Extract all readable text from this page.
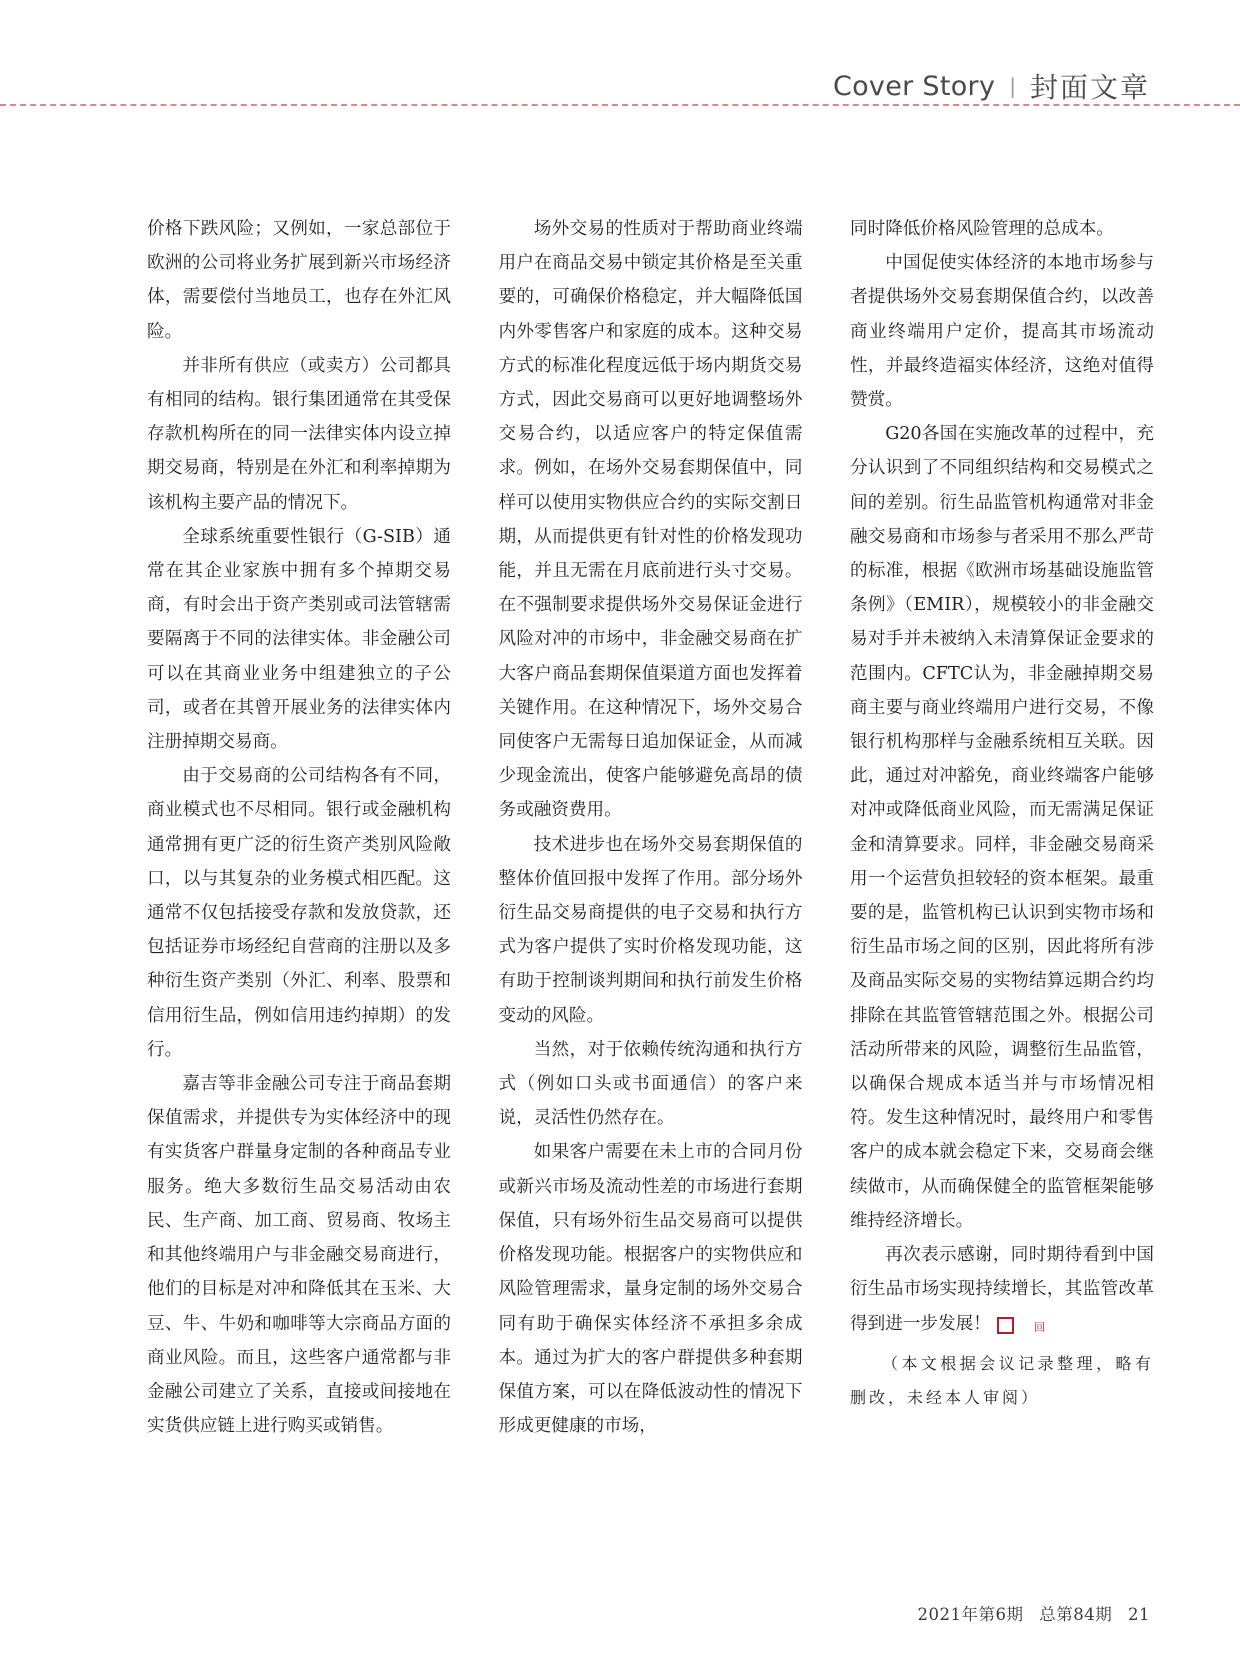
Cover Story | 封面文章

价格下跌风险；又例如，一家总部位于欧洲的公司将业务扩展到新兴市场经济体，需要偿付当地员工，也存在外汇风险。

并非所有供应（或卖方）公司都具有相同的结构。银行集团通常在其受保存款机构所在的同一法律实体内设立掉期交易商，特别是在外汇和利率掉期为该机构主要产品的情况下。

全球系统重要性银行（G-SIB）通常在其企业家族中拥有多个掉期交易商，有时会出于资产类别或司法管辖需要隔离于不同的法律实体。非金融公司可以在其商业业务中组建独立的子公司，或者在其曾开展业务的法律实体内注册掉期交易商。

由于交易商的公司结构各有不同，商业模式也不尽相同。银行或金融机构通常拥有更广泛的衍生资产类别风险敞口，以与其复杂的业务模式相匹配。这通常不仅包括接受存款和发放贷款，还包括证券市场经纪自营商的注册以及多种衍生资产类别（外汇、利率、股票和信用衍生品，例如信用违约掉期）的发行。

嘉吉等非金融公司专注于商品套期保值需求，并提供专为实体经济中的现有实货客户群量身定制的各种商品专业服务。绝大多数衍生品交易活动由农民、生产商、加工商、贸易商、牧场主和其他终端用户与非金融交易商进行，他们的目标是对冲和降低其在玉米、大豆、牛、牛奶和咖啡等大宗商品方面的商业风险。而且，这些客户通常都与非金融公司建立了关系，直接或间接地在实货供应链上进行购买或销售。

场外交易的性质对于帮助商业终端用户在商品交易中锁定其价格是至关重要的，可确保价格稳定，并大幅降低国内外零售客户和家庭的成本。这种交易方式的标准化程度远低于场内期货交易方式，因此交易商可以更好地调整场外交易合约，以适应客户的特定保值需求。例如，在场外交易套期保值中，同样可以使用实物供应合约的实际交割日期，从而提供更有针对性的价格发现功能，并且无需在月底前进行头寸交易。在不强制要求提供场外交易保证金进行风险对冲的市场中，非金融交易商在扩大客户商品套期保值渠道方面也发挥着关键作用。在这种情况下，场外交易合同使客户无需每日追加保证金，从而减少现金流出，使客户能够避免高昂的债务或融资费用。

技术进步也在场外交易套期保值的整体价值回报中发挥了作用。部分场外衍生品交易商提供的电子交易和执行方式为客户提供了实时价格发现功能，这有助于控制谈判期间和执行前发生价格变动的风险。

当然，对于依赖传统沟通和执行方式（例如口头或书面通信）的客户来说，灵活性仍然存在。

如果客户需要在未上市的合同月份或新兴市场及流动性差的市场进行套期保值，只有场外衍生品交易商可以提供价格发现功能。根据客户的实物供应和风险管理需求，量身定制的场外交易合同有助于确保实体经济不承担多余成本。通过为扩大的客户群提供多种套期保值方案，可以在降低波动性的情况下形成更健康的市场，

同时降低价格风险管理的总成本。

中国促使实体经济的本地市场参与者提供场外交易套期保值合约，以改善商业终端用户定价，提高其市场流动性，并最终造福实体经济，这绝对值得赞赏。

G20各国在实施改革的过程中，充分认识到了不同组织结构和交易模式之间的差别。衍生品监管机构通常对非金融交易商和市场参与者采用不那么严苛的标准，根据《欧洲市场基础设施监管条例》（EMIR），规模较小的非金融交易对手并未被纳入未清算保证金要求的范围内。CFTC认为，非金融掉期交易商主要与商业终端用户进行交易，不像银行机构那样与金融系统相互关联。因此，通过对冲豁免，商业终端客户能够对冲或降低商业风险，而无需满足保证金和清算要求。同样，非金融交易商采用一个运营负担较轻的资本框架。最重要的是，监管机构已认识到实物市场和衍生品市场之间的区别，因此将所有涉及商品实际交易的实物结算远期合约均排除在其监管管辖范围之外。根据公司活动所带来的风险，调整衍生品监管，以确保合规成本适当并与市场情况相符。发生这种情况时，最终用户和零售客户的成本就会稳定下来，交易商会继续做市，从而确保健全的监管框架能够维持经济增长。

再次表示感谢，同时期待看到中国衍生品市场实现持续增长，其监管改革得到进一步发展！	回

（本文根据会议记录整理，略有删改，未经本人审阅）

2021年第6期 总第84期 21
